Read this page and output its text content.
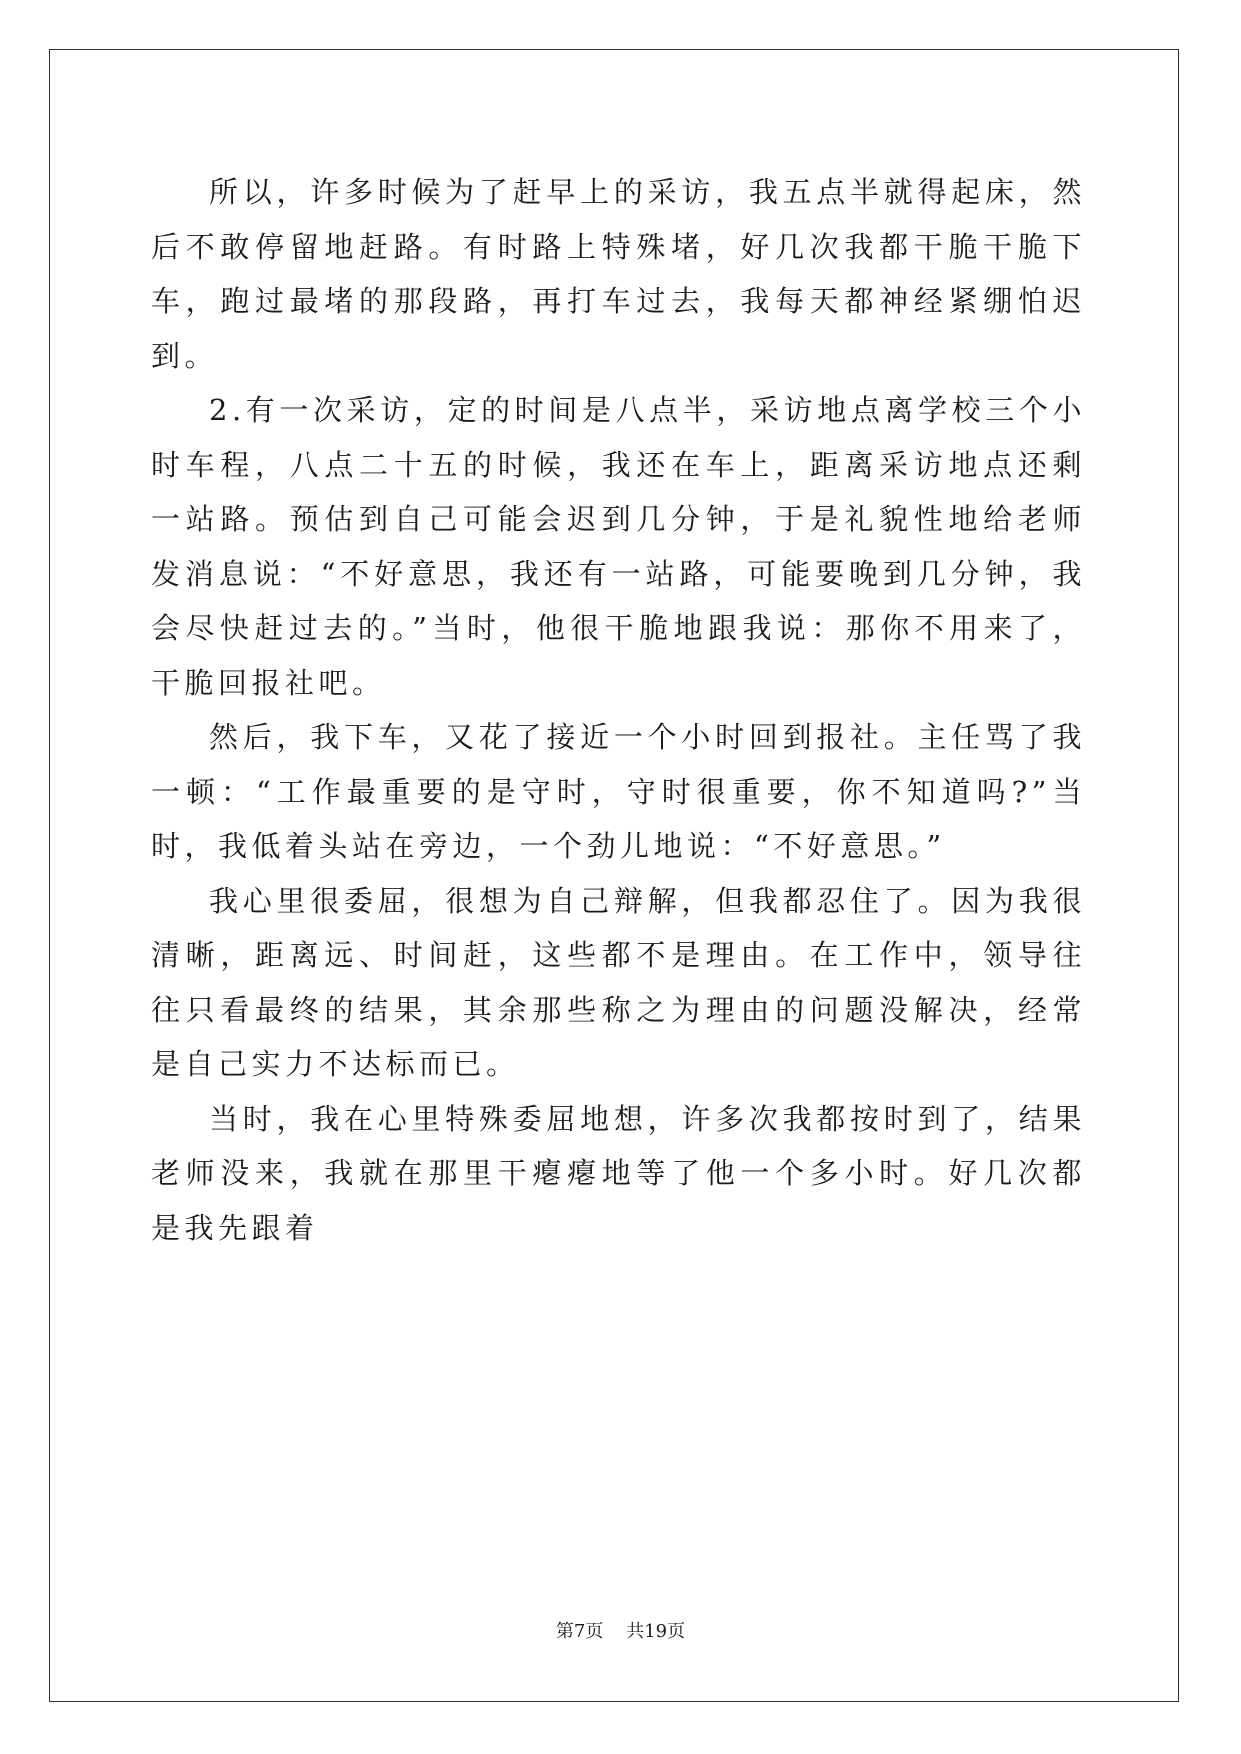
所以，许多时候为了赶早上的采访，我五点半就得起床，然后不敢停留地赶路。有时路上特殊堵，好几次我都干脆干脆下车，跑过最堵的那段路，再打车过去，我每天都神经紧绷怕迟到。

2.有一次采访，定的时间是八点半，采访地点离学校三个小时车程，八点二十五的时候，我还在车上，距离采访地点还剩一站路。预估到自己可能会迟到几分钟，于是礼貌性地给老师发消息说：“不好意思，我还有一站路，可能要晚到几分钟，我会尽快赶过去的。”当时，他很干脆地跟我说：那你不用来了，干脆回报社吧。

然后，我下车，又花了接近一个小时回到报社。主任骂了我一顿：“工作最重要的是守时，守时很重要，你不知道吗?”当时，我低着头站在旁边，一个劲儿地说：“不好意思。”

我心里很委屈，很想为自己辩解，但我都忍住了。因为我很清晰，距离远、时间赶，这些都不是理由。在工作中，领导往往只看最终的结果，其余那些称之为理由的问题没解决，经常是自己实力不达标而已。

当时，我在心里特殊委屈地想，许多次我都按时到了，结果老师没来，我就在那里干瘪瘪地等了他一个多小时。好几次都是我先跟着

第7页 共19页
